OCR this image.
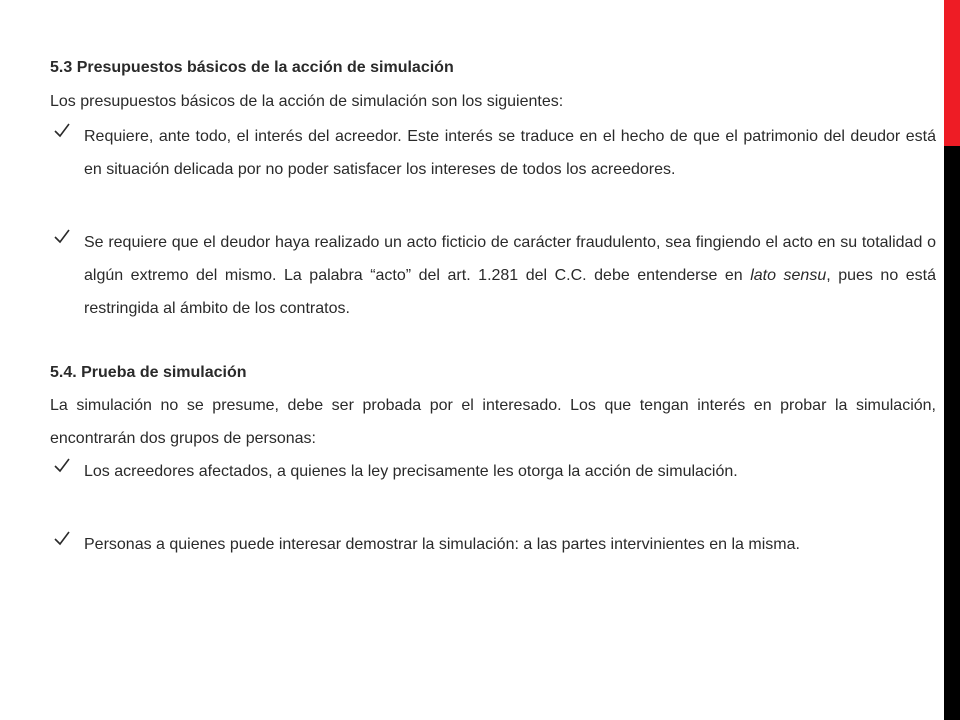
5.3 Presupuestos básicos de la acción de simulación

Los presupuestos básicos de la acción de simulación son los siguientes:

Requiere, ante todo, el interés del acreedor. Este interés se traduce en el hecho de que el patrimonio del deudor está en situación delicada por no poder satisfacer los intereses de todos los acreedores.

Se requiere que el deudor haya realizado un acto ficticio de carácter fraudulento, sea fingiendo el acto en su totalidad o algún extremo del mismo. La palabra “acto” del art. 1.281 del C.C. debe entenderse en lato sensu, pues no está restringida al ámbito de los contratos.

5.4. Prueba de simulación

La simulación no se presume, debe ser probada por el interesado. Los que tengan interés en probar la simulación, encontrarán dos grupos de personas:

Los acreedores afectados, a quienes la ley precisamente les otorga la acción de simulación.

Personas a quienes puede interesar demostrar la simulación: a las partes intervinientes en la misma.
